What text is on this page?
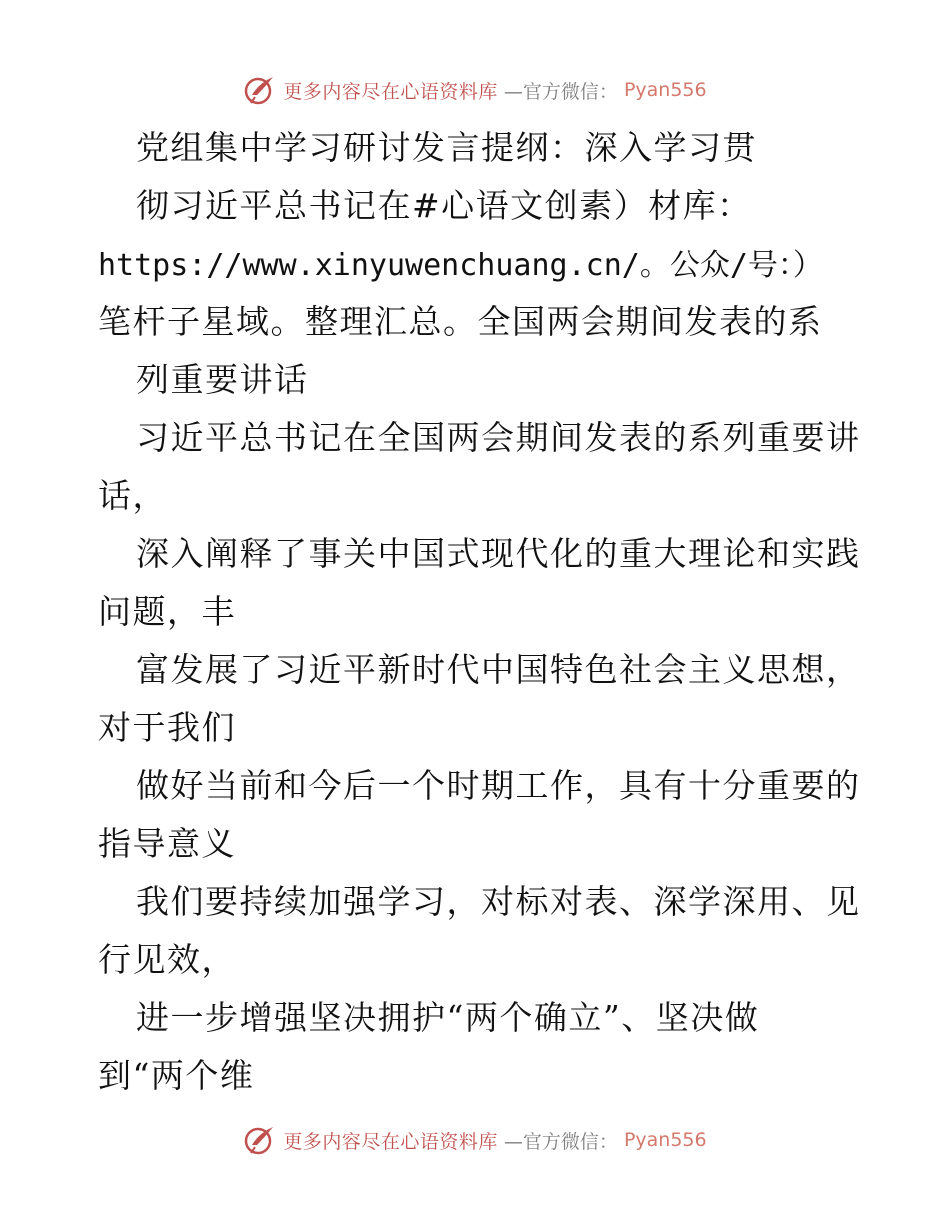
更多内容尽在心语资料库 —官方微信： Pyan556
党组集中学习研讨发言提纲：深入学习贯
彻习近平总书记在#心语文创素）材库：
https://www.xinyuwenchuang.cn/。公众/号：）
笔杆子星域。整理汇总。全国两会期间发表的系
列重要讲话
习近平总书记在全国两会期间发表的系列重要讲
话，
深入阐释了事关中国式现代化的重大理论和实践
问题，丰
富发展了习近平新时代中国特色社会主义思想，
对于我们
做好当前和今后一个时期工作，具有十分重要的
指导意义
我们要持续加强学习，对标对表、深学深用、见
行见效，
进一步增强坚决拥护“两个确立”、坚决做
到“两个维
更多内容尽在心语资料库 —官方微信： Pyan556
